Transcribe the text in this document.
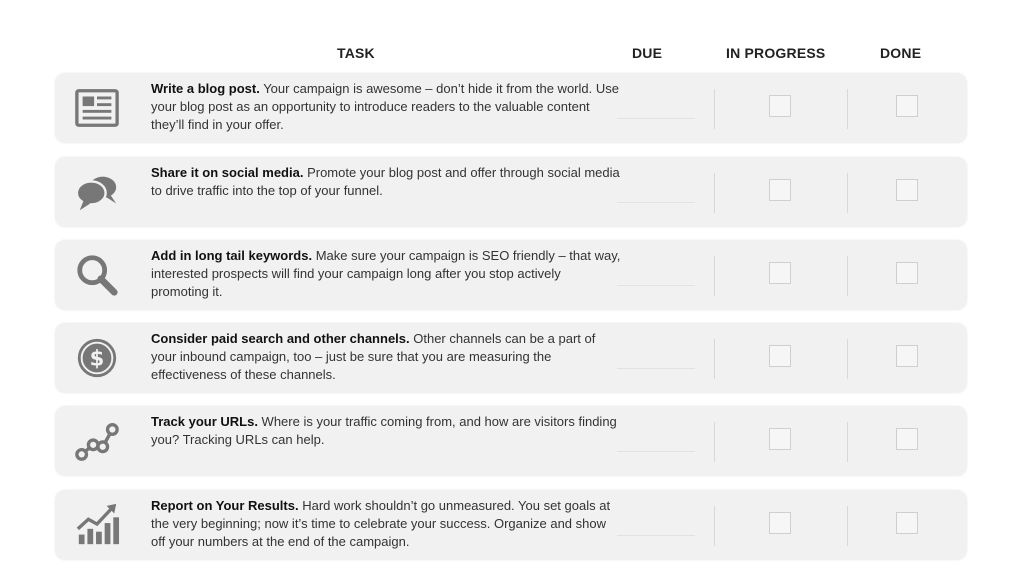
TASK	DUE	IN PROGRESS	DONE
Write a blog post. Your campaign is awesome – don’t hide it from the world. Use your blog post as an opportunity to introduce readers to the valuable content they’ll find in your offer.
Share it on social media. Promote your blog post and offer through social media to drive traffic into the top of your funnel.
Add in long tail keywords. Make sure your campaign is SEO friendly – that way, interested prospects will find your campaign long after you stop actively promoting it.
$
Consider paid search and other channels. Other channels can be a part of your inbound campaign, too – just be sure that you are measuring the effectiveness of these channels.
Track your URLs. Where is your traffic coming from, and how are visitors finding you? Tracking URLs can help.
Report on Your Results. Hard work shouldn’t go unmeasured. You set goals at the very beginning; now it’s time to celebrate your success. Organize and show off your numbers at the end of the campaign.
